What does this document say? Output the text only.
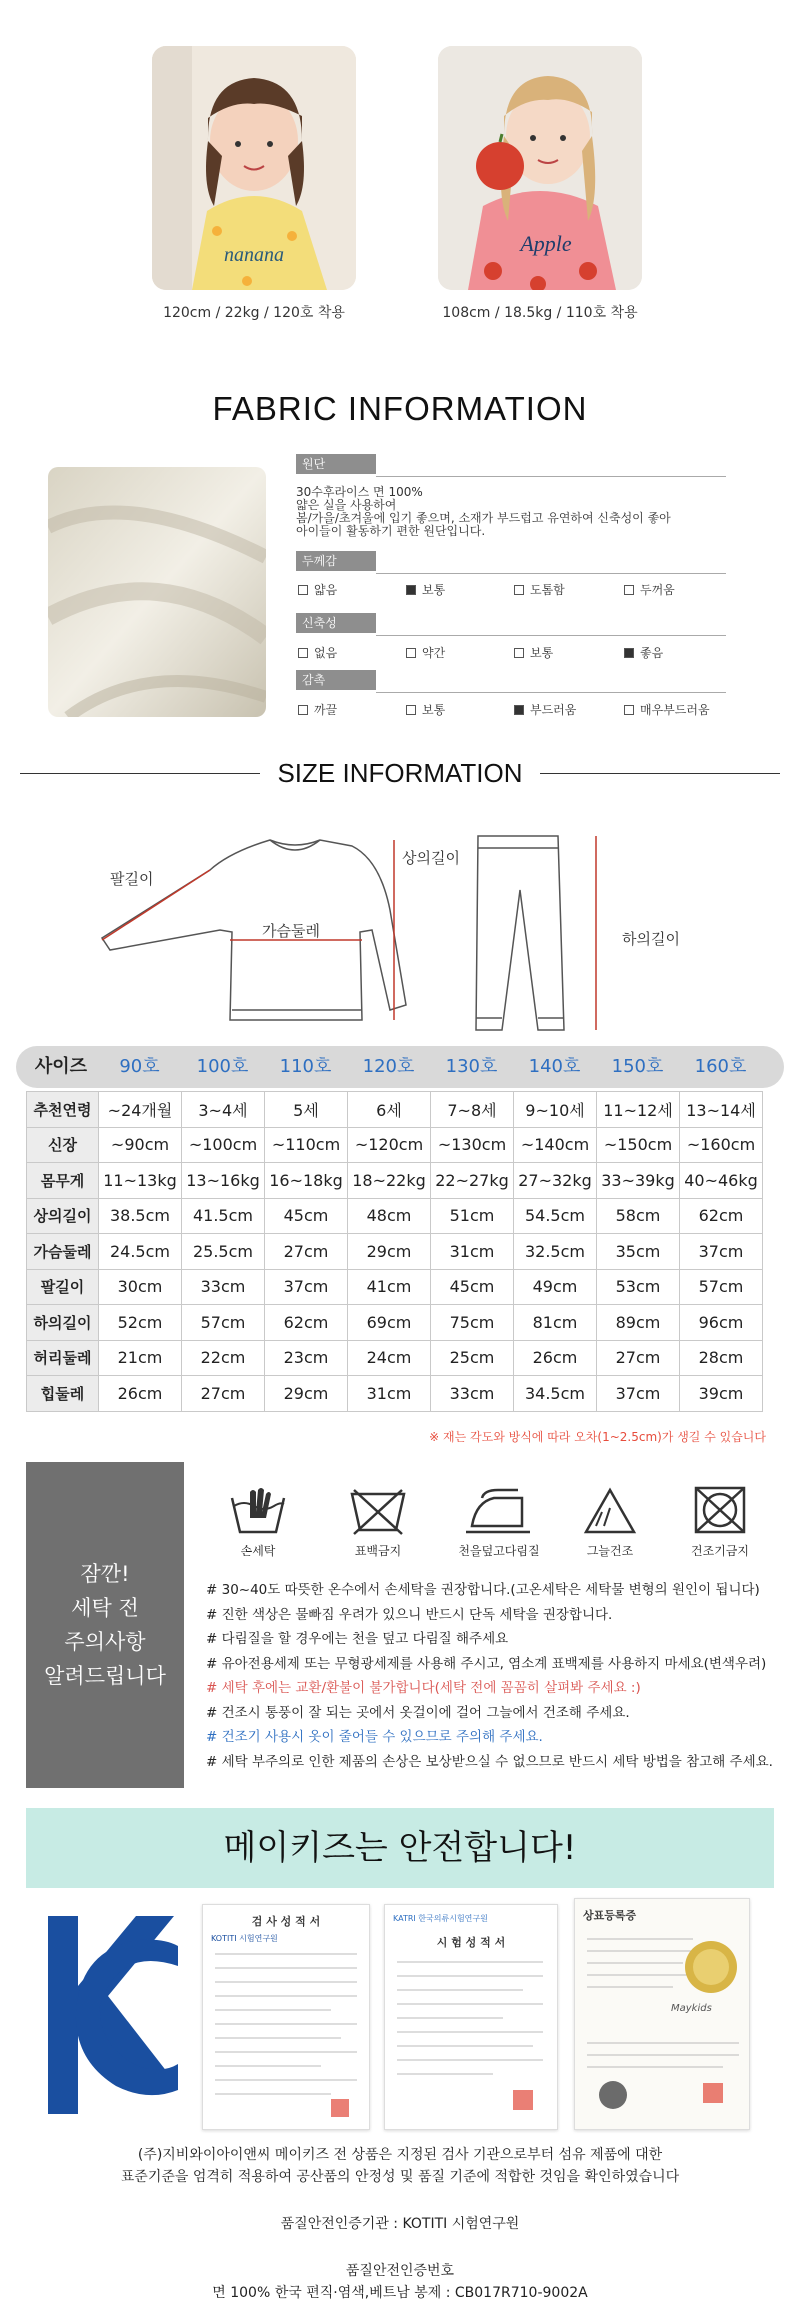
nanana
120cm / 22kg / 120호 착용
Apple
108cm / 18.5kg / 110호 착용
FABRIC INFORMATION
원단
30수후라이스 면 100%
얇은 실을 사용하여
봄/가을/초겨울에 입기 좋으며, 소재가 부드럽고 유연하여 신축성이 좋아
아이들이 활동하기 편한 원단입니다.
두께감
얇음	보통	도톰함	두꺼움
신축성
없음	약간	보통	좋음
감촉
까끌	보통	부드러움	매우부드러움
SIZE INFORMATION
팔길이
상의길이
가슴둘레	하의길이
사이즈	90호	100호	110호	120호	130호	140호	150호	160호
추천연령	~24개월	3~4세	5세	6세	7~8세	9~10세	11~12세	13~14세
신장	~90cm	~100cm	~110cm	~120cm	~130cm	~140cm	~150cm	~160cm
몸무게	11~13kg	13~16kg	16~18kg	18~22kg	22~27kg	27~32kg	33~39kg	40~46kg
상의길이	38.5cm	41.5cm	45cm	48cm	51cm	54.5cm	58cm	62cm
가슴둘레	24.5cm	25.5cm	27cm	29cm	31cm	32.5cm	35cm	37cm
팔길이	30cm	33cm	37cm	41cm	45cm	49cm	53cm	57cm
하의길이	52cm	57cm	62cm	69cm	75cm	81cm	89cm	96cm
허리둘레	21cm	22cm	23cm	24cm	25cm	26cm	27cm	28cm
힙둘레	26cm	27cm	29cm	31cm	33cm	34.5cm	37cm	39cm
※ 재는 각도와 방식에 따라 오차(1~2.5cm)가 생길 수 있습니다
잠깐!
세탁 전
주의사항
알려드립니다
손세탁	표백금지	천을덮고다림질	그늘건조	건조기금지
# 30~40도 따뜻한 온수에서 손세탁을 권장합니다.(고온세탁은 세탁물 변형의 원인이 됩니다)
# 진한 색상은 물빠짐 우려가 있으니 반드시 단독 세탁을 권장합니다.
# 다림질을 할 경우에는 천을 덮고 다림질 해주세요
# 유아전용세제 또는 무형광세제를 사용해 주시고, 염소계 표백제를 사용하지 마세요(변색우려)
# 세탁 후에는 교환/환불이 불가합니다(세탁 전에 꼼꼼히 살펴봐 주세요 :)
# 건조시 통풍이 잘 되는 곳에서 옷걸이에 걸어 그늘에서 건조해 주세요.
# 건조기 사용시 옷이 줄어들 수 있으므로 주의해 주세요.
# 세탁 부주의로 인한 제품의 손상은 보상받으실 수 없으므로 반드시 세탁 방법을 참고해 주세요.
메이키즈는 안전합니다!
검 사 성 적 서
KOTITI 시험연구원
KATRI 한국의류시험연구원
시 험 성 적 서
상표등록증
Maykids
(주)지비와이아이앤씨 메이키즈 전 상품은 지정된 검사 기관으로부터 섬유 제품에 대한
표준기준을 엄격히 적용하여 공산품의 안정성 및 품질 기준에 적합한 것임을 확인하였습니다
품질안전인증기관 : KOTITI 시험연구원
품질안전인증번호
면 100% 한국 편직·염색,베트남 봉제 : CB017R710-9002A
